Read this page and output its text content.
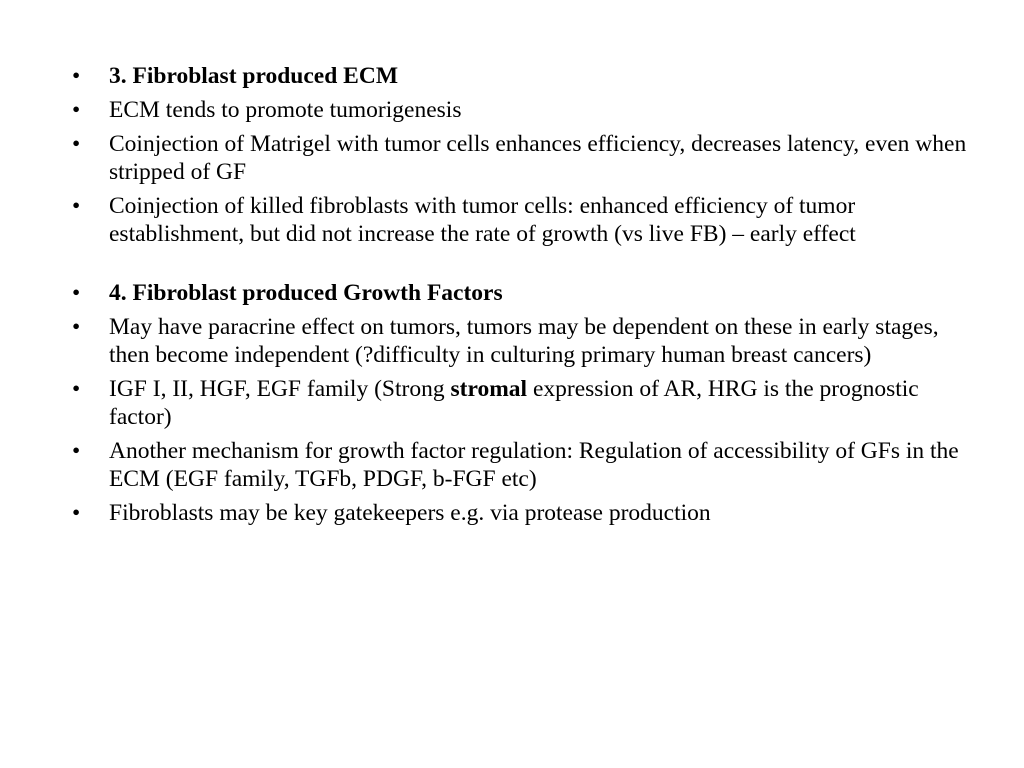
•	3. Fibroblast produced ECM
•	ECM tends to promote tumorigenesis
•	Coinjection of Matrigel with tumor cells enhances efficiency, decreases latency, even when stripped of GF
•	Coinjection of killed fibroblasts with tumor cells: enhanced efficiency of tumor establishment, but did not increase the rate of growth (vs live FB) – early effect
•	4. Fibroblast produced Growth Factors
•	May have paracrine effect on tumors, tumors may be dependent on these in early stages, then become independent (?difficulty in culturing primary human breast cancers)
•	IGF I, II, HGF, EGF family (Strong stromal expression of AR, HRG is the prognostic factor)
•	Another mechanism for growth factor regulation: Regulation of accessibility of GFs in the ECM (EGF family, TGFb, PDGF, b-FGF etc)
•	Fibroblasts may be key gatekeepers e.g. via protease production
